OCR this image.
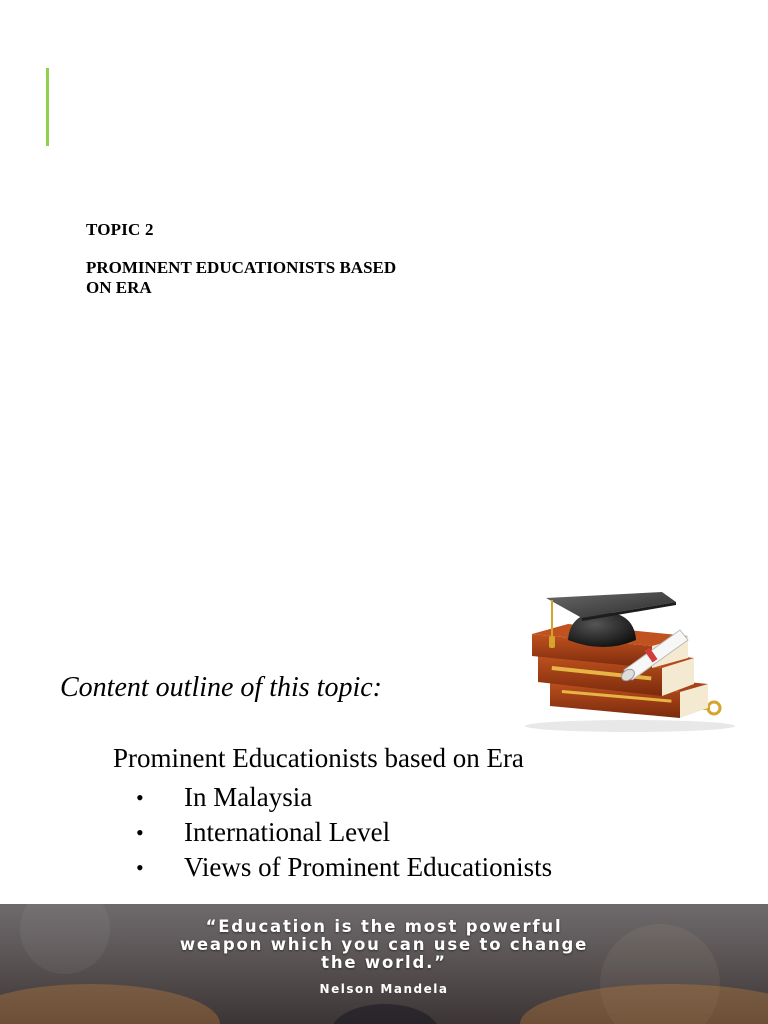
TOPIC 2
PROMINENT EDUCATIONISTS BASED ON ERA
Content outline of this topic:
Prominent Educationists based on Era
•	In Malaysia
•	International Level
•	Views of Prominent Educationists
“Education is the most powerful
weapon which you can use to change
the world.”
Nelson Mandela
